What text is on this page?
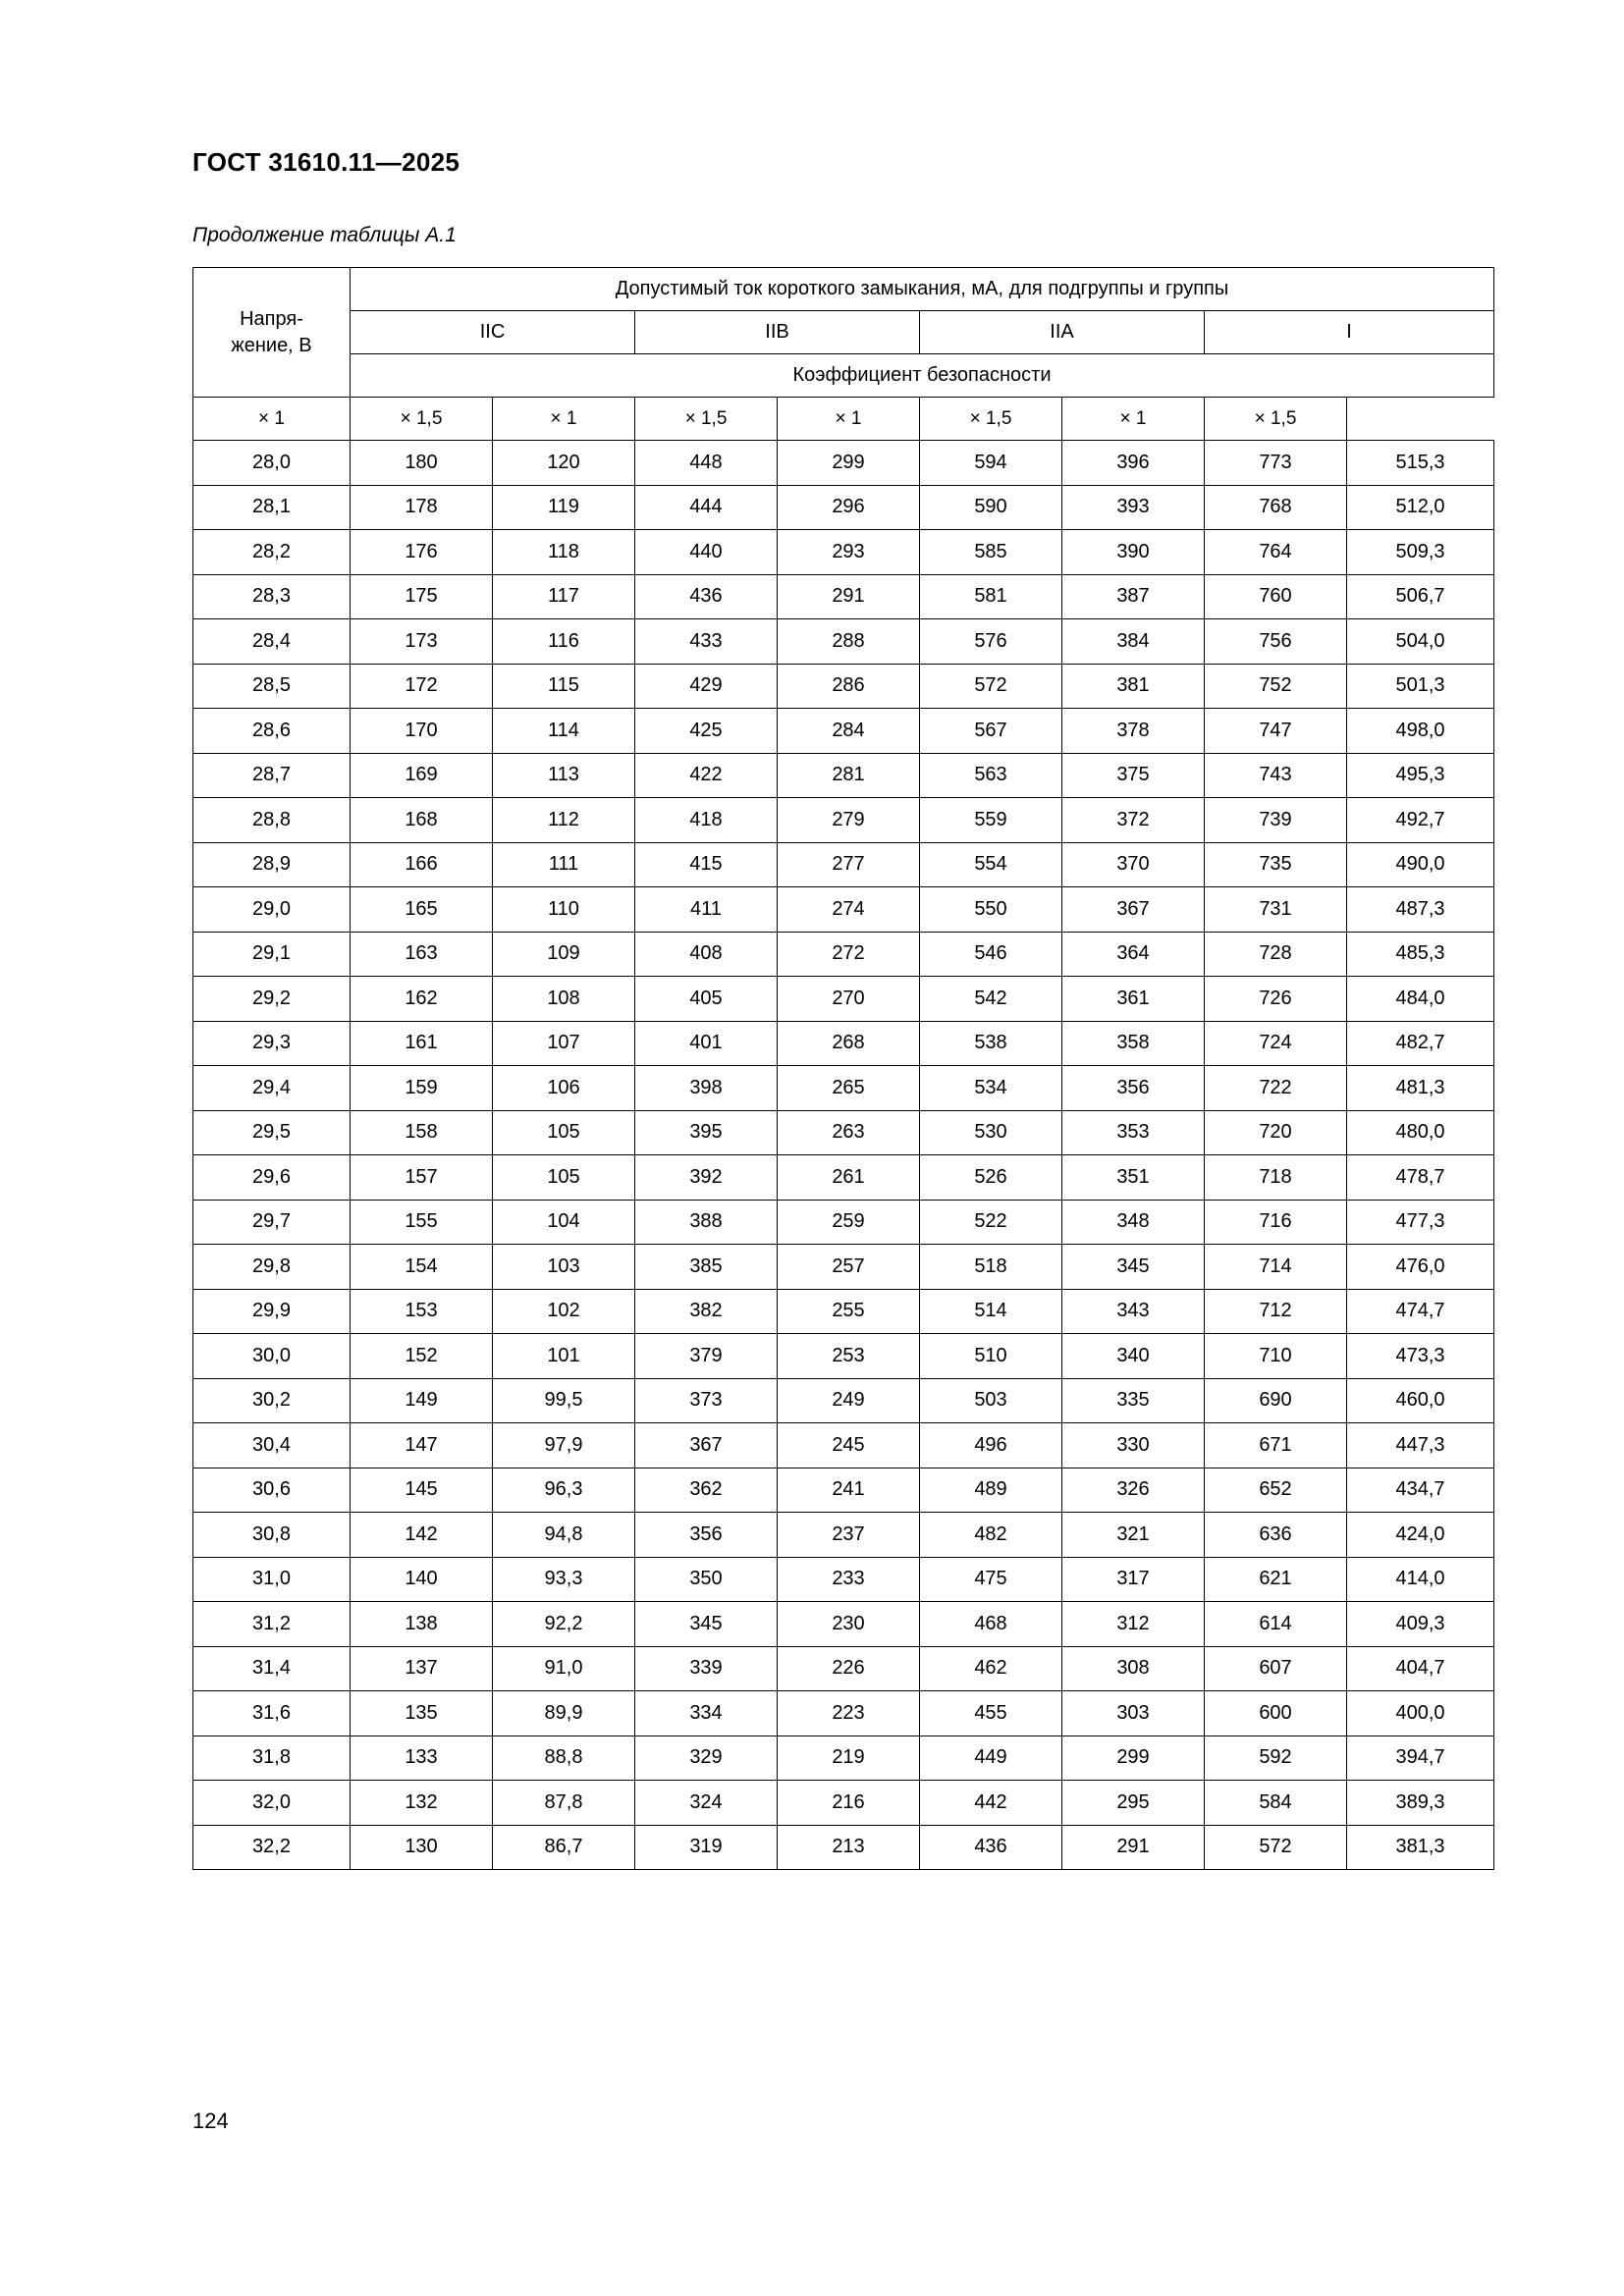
ГОСТ 31610.11—2025
Продолжение таблицы А.1
Напря-
жение, В	Допустимый ток короткого замыкания, мА, для подгруппы и группы							
	IIC		IIB		IIA		I	
	Коэффициент безопасности							
× 1	× 1,5	× 1	× 1,5	× 1	× 1,5	× 1	× 1,5	
28,0	180	120	448	299	594	396	773	515,3
28,1	178	119	444	296	590	393	768	512,0
28,2	176	118	440	293	585	390	764	509,3
28,3	175	117	436	291	581	387	760	506,7
28,4	173	116	433	288	576	384	756	504,0
28,5	172	115	429	286	572	381	752	501,3
28,6	170	114	425	284	567	378	747	498,0
28,7	169	113	422	281	563	375	743	495,3
28,8	168	112	418	279	559	372	739	492,7
28,9	166	111	415	277	554	370	735	490,0
29,0	165	110	411	274	550	367	731	487,3
29,1	163	109	408	272	546	364	728	485,3
29,2	162	108	405	270	542	361	726	484,0
29,3	161	107	401	268	538	358	724	482,7
29,4	159	106	398	265	534	356	722	481,3
29,5	158	105	395	263	530	353	720	480,0
29,6	157	105	392	261	526	351	718	478,7
29,7	155	104	388	259	522	348	716	477,3
29,8	154	103	385	257	518	345	714	476,0
29,9	153	102	382	255	514	343	712	474,7
30,0	152	101	379	253	510	340	710	473,3
30,2	149	99,5	373	249	503	335	690	460,0
30,4	147	97,9	367	245	496	330	671	447,3
30,6	145	96,3	362	241	489	326	652	434,7
30,8	142	94,8	356	237	482	321	636	424,0
31,0	140	93,3	350	233	475	317	621	414,0
31,2	138	92,2	345	230	468	312	614	409,3
31,4	137	91,0	339	226	462	308	607	404,7
31,6	135	89,9	334	223	455	303	600	400,0
31,8	133	88,8	329	219	449	299	592	394,7
32,0	132	87,8	324	216	442	295	584	389,3
32,2	130	86,7	319	213	436	291	572	381,3
124
